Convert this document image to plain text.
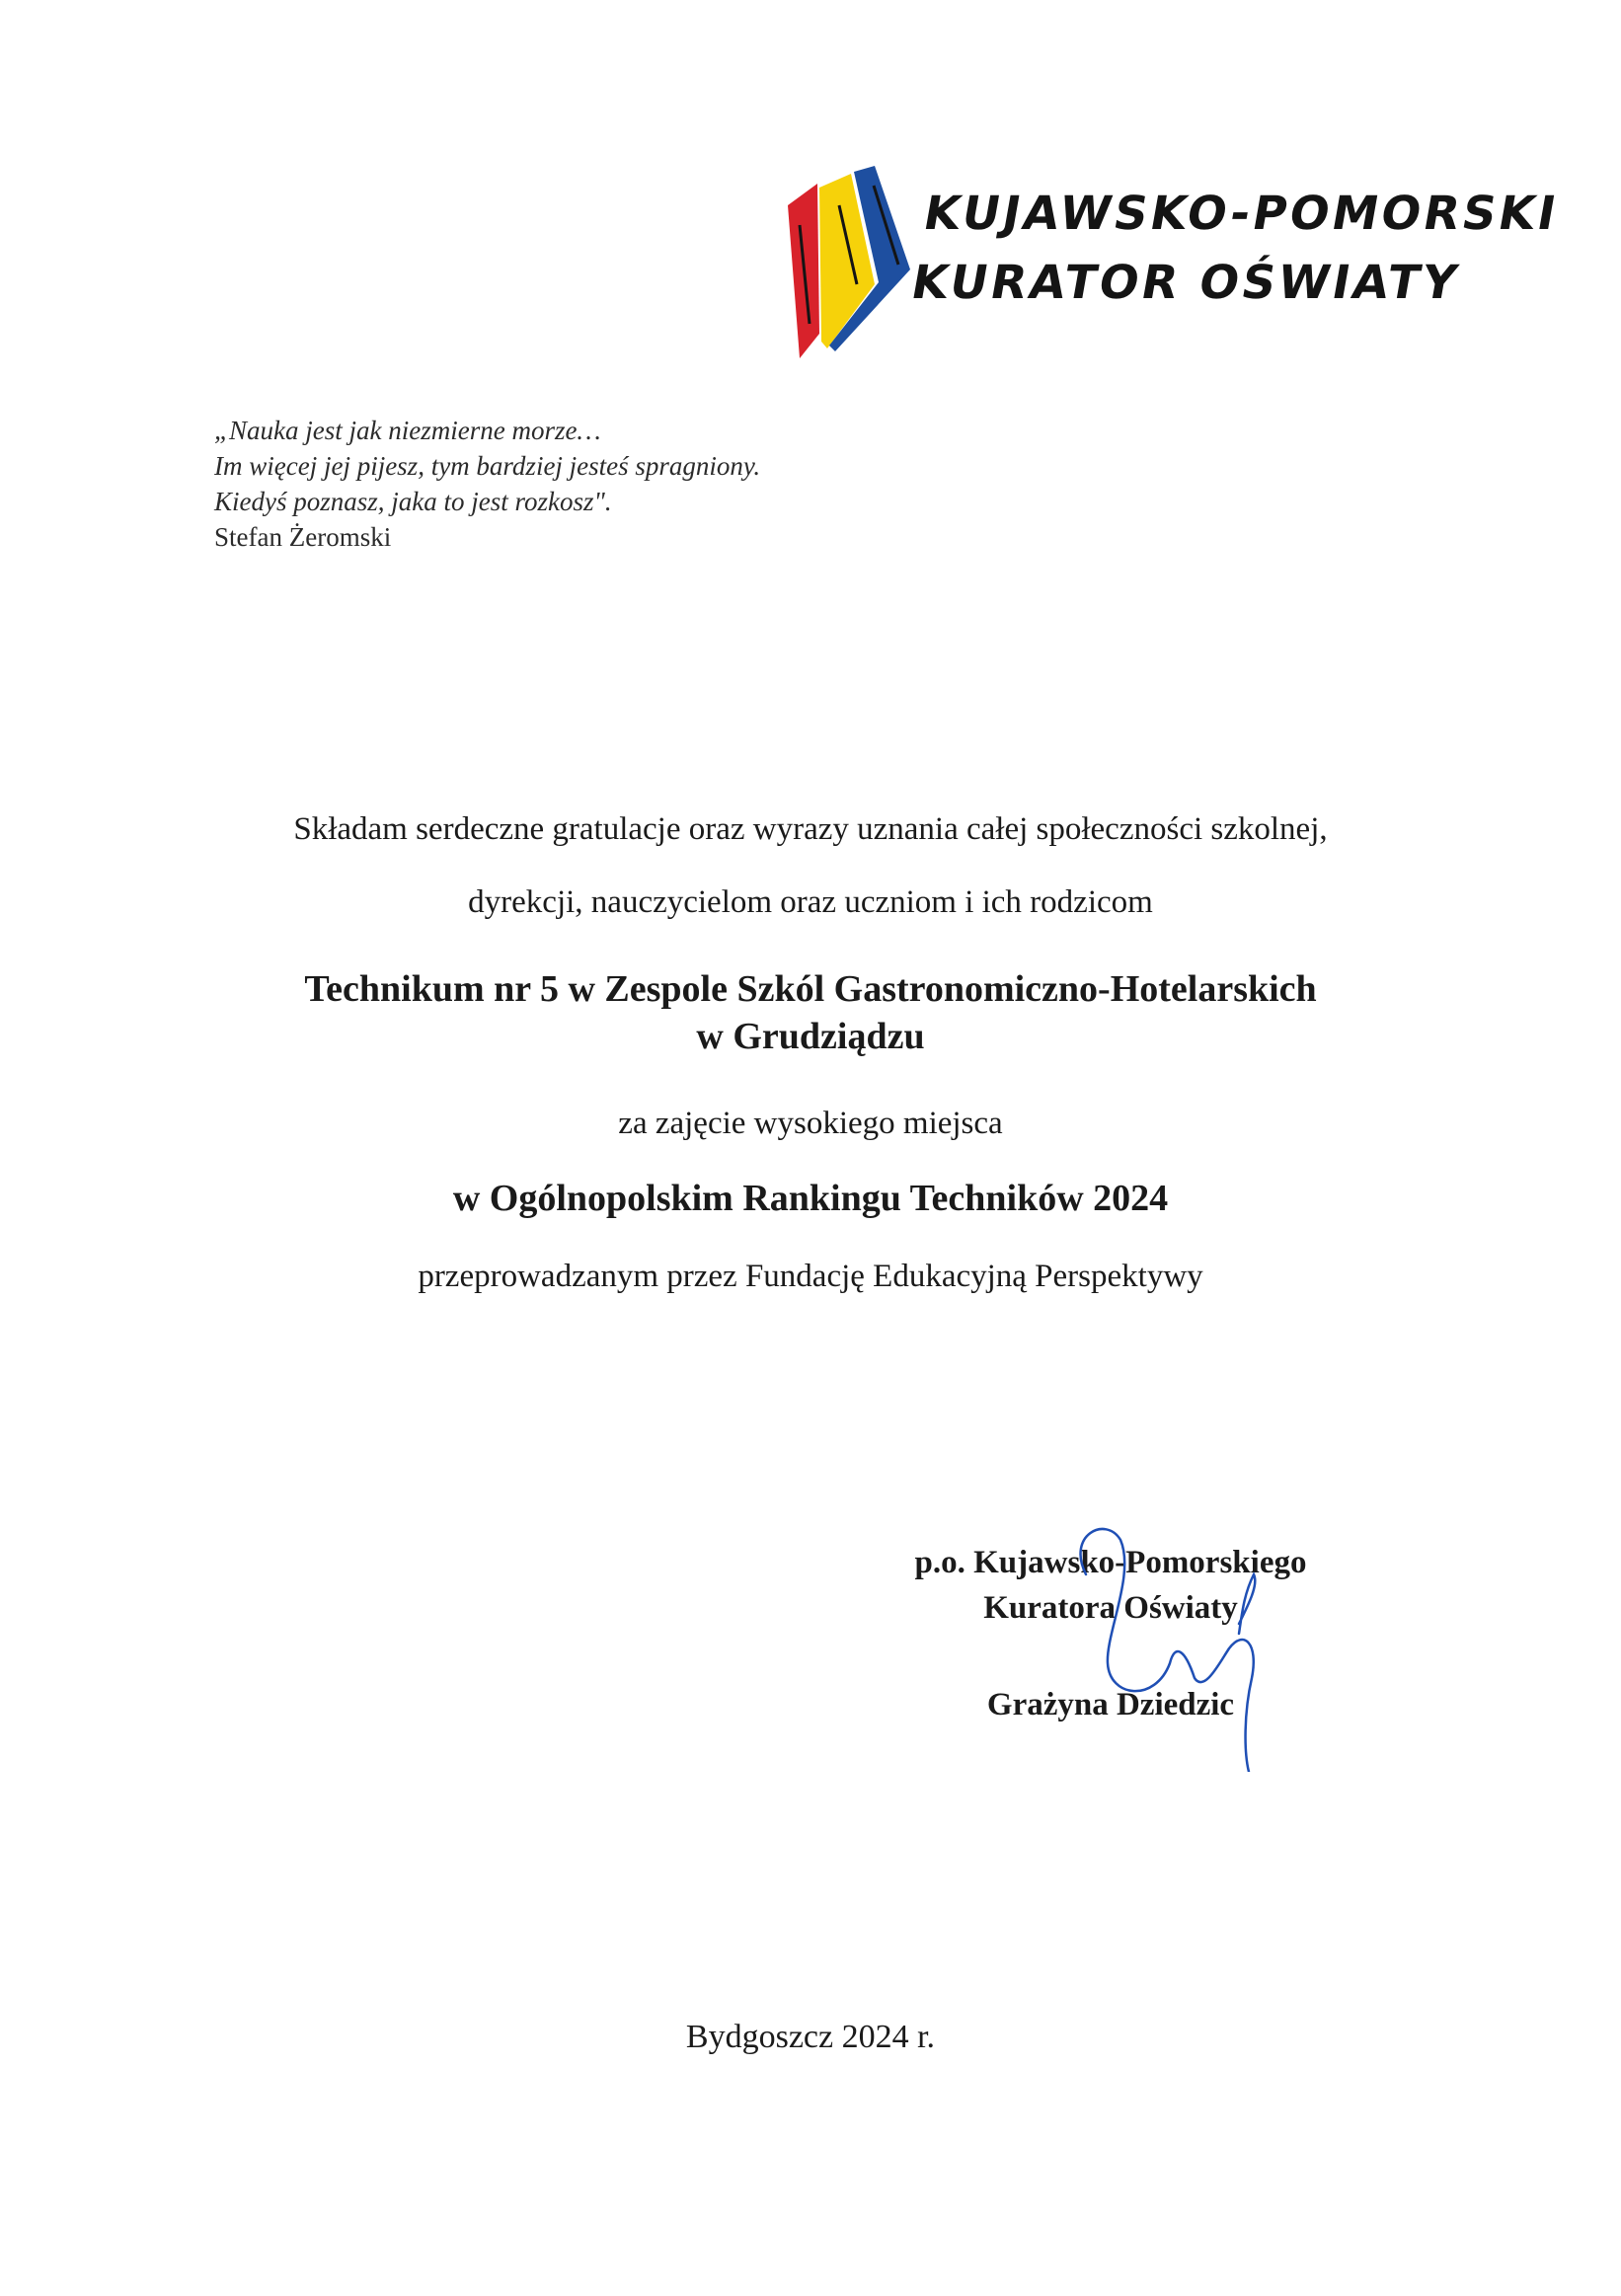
KUJAWSKO-POMORSKI
KURATOR OŚWIATY
„Nauka jest jak niezmierne morze…
Im więcej jej pijesz, tym bardziej jesteś spragniony.
Kiedyś poznasz, jaka to jest rozkosz".
Stefan Żeromski
Składam serdeczne gratulacje oraz wyrazy uznania całej społeczności szkolnej,
dyrekcji, nauczycielom oraz uczniom i ich rodzicom
Technikum nr 5 w Zespole Szkól Gastronomiczno-Hotelarskich
w Grudziądzu
za zajęcie wysokiego miejsca
w Ogólnopolskim Rankingu Techników 2024
przeprowadzanym przez Fundację Edukacyjną Perspektywy
p.o. Kujawsko-Pomorskiego
Kuratora Oświaty
Grażyna Dziedzic
Bydgoszcz 2024 r.
